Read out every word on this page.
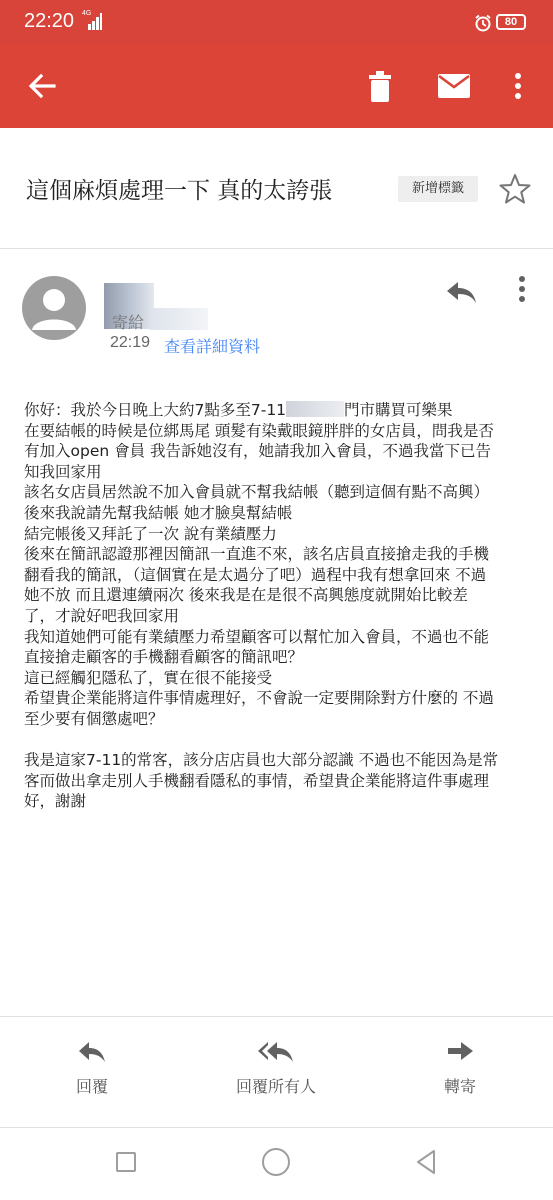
22:20 4G
80
這個麻煩處理一下 真的太誇張	新增標籤
寄給
22:19 查看詳細資料
你好：我於今日晚上大約7點多至7-11	門市購買可樂果
在要結帳的時候是位綁馬尾 頭髮有染戴眼鏡胖胖的女店員，問我是否
有加入open 會員 我告訴她沒有，她請我加入會員，不過我當下已告
知我回家用
該名女店員居然說不加入會員就不幫我結帳（聽到這個有點不高興）
後來我說請先幫我結帳 她才臉臭幫結帳
結完帳後又拜託了一次 說有業績壓力
後來在簡訊認證那裡因簡訊一直進不來，該名店員直接搶走我的手機
翻看我的簡訊，（這個實在是太過分了吧）過程中我有想拿回來 不過
她不放 而且還連續兩次 後來我是在是很不高興態度就開始比較差
了，才說好吧我回家用
我知道她們可能有業績壓力希望顧客可以幫忙加入會員，不過也不能
直接搶走顧客的手機翻看顧客的簡訊吧？
這已經觸犯隱私了，實在很不能接受
希望貴企業能將這件事情處理好，不會說一定要開除對方什麼的 不過
至少要有個懲處吧？
我是這家7-11的常客，該分店店員也大部分認識 不過也不能因為是常
客而做出拿走別人手機翻看隱私的事情，希望貴企業能將這件事處理
好，謝謝
回覆	回覆所有人	轉寄
